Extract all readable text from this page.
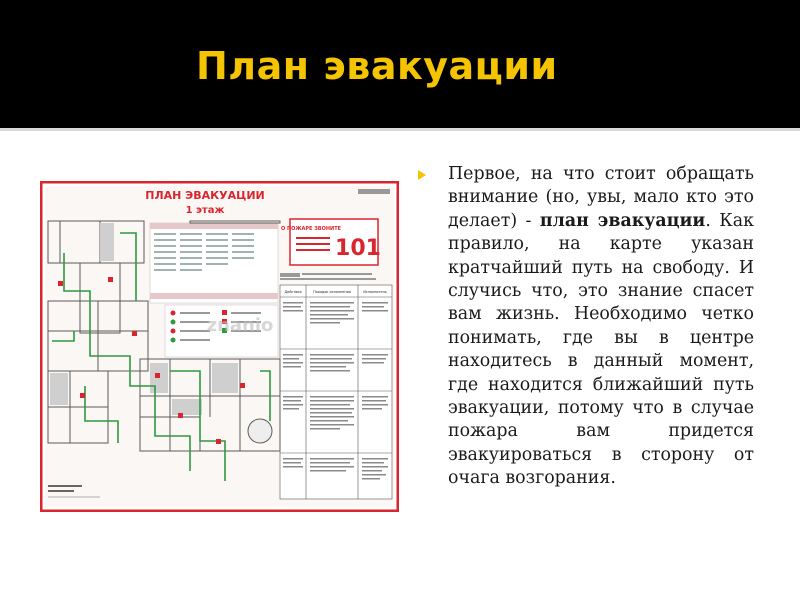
План эвакуации
ПЛАН ЭВАКУАЦИИ
1 этаж
О ПОЖАРЕ ЗВОНИТЕ
101
Действия	Порядок исполнения	Исполнитель
znanio

Первое, на что стоит обращать внимание (но, увы, мало кто это делает) - план эвакуации. Как правило, на карте указан кратчайший путь на свободу. И случись что, это знание спасет вам жизнь. Необходимо четко понимать, где вы в центре находитесь в данный момент, где находится ближайший путь эвакуации, потому что в случае пожара вам придется эвакуироваться в сторону от очага возгорания.
